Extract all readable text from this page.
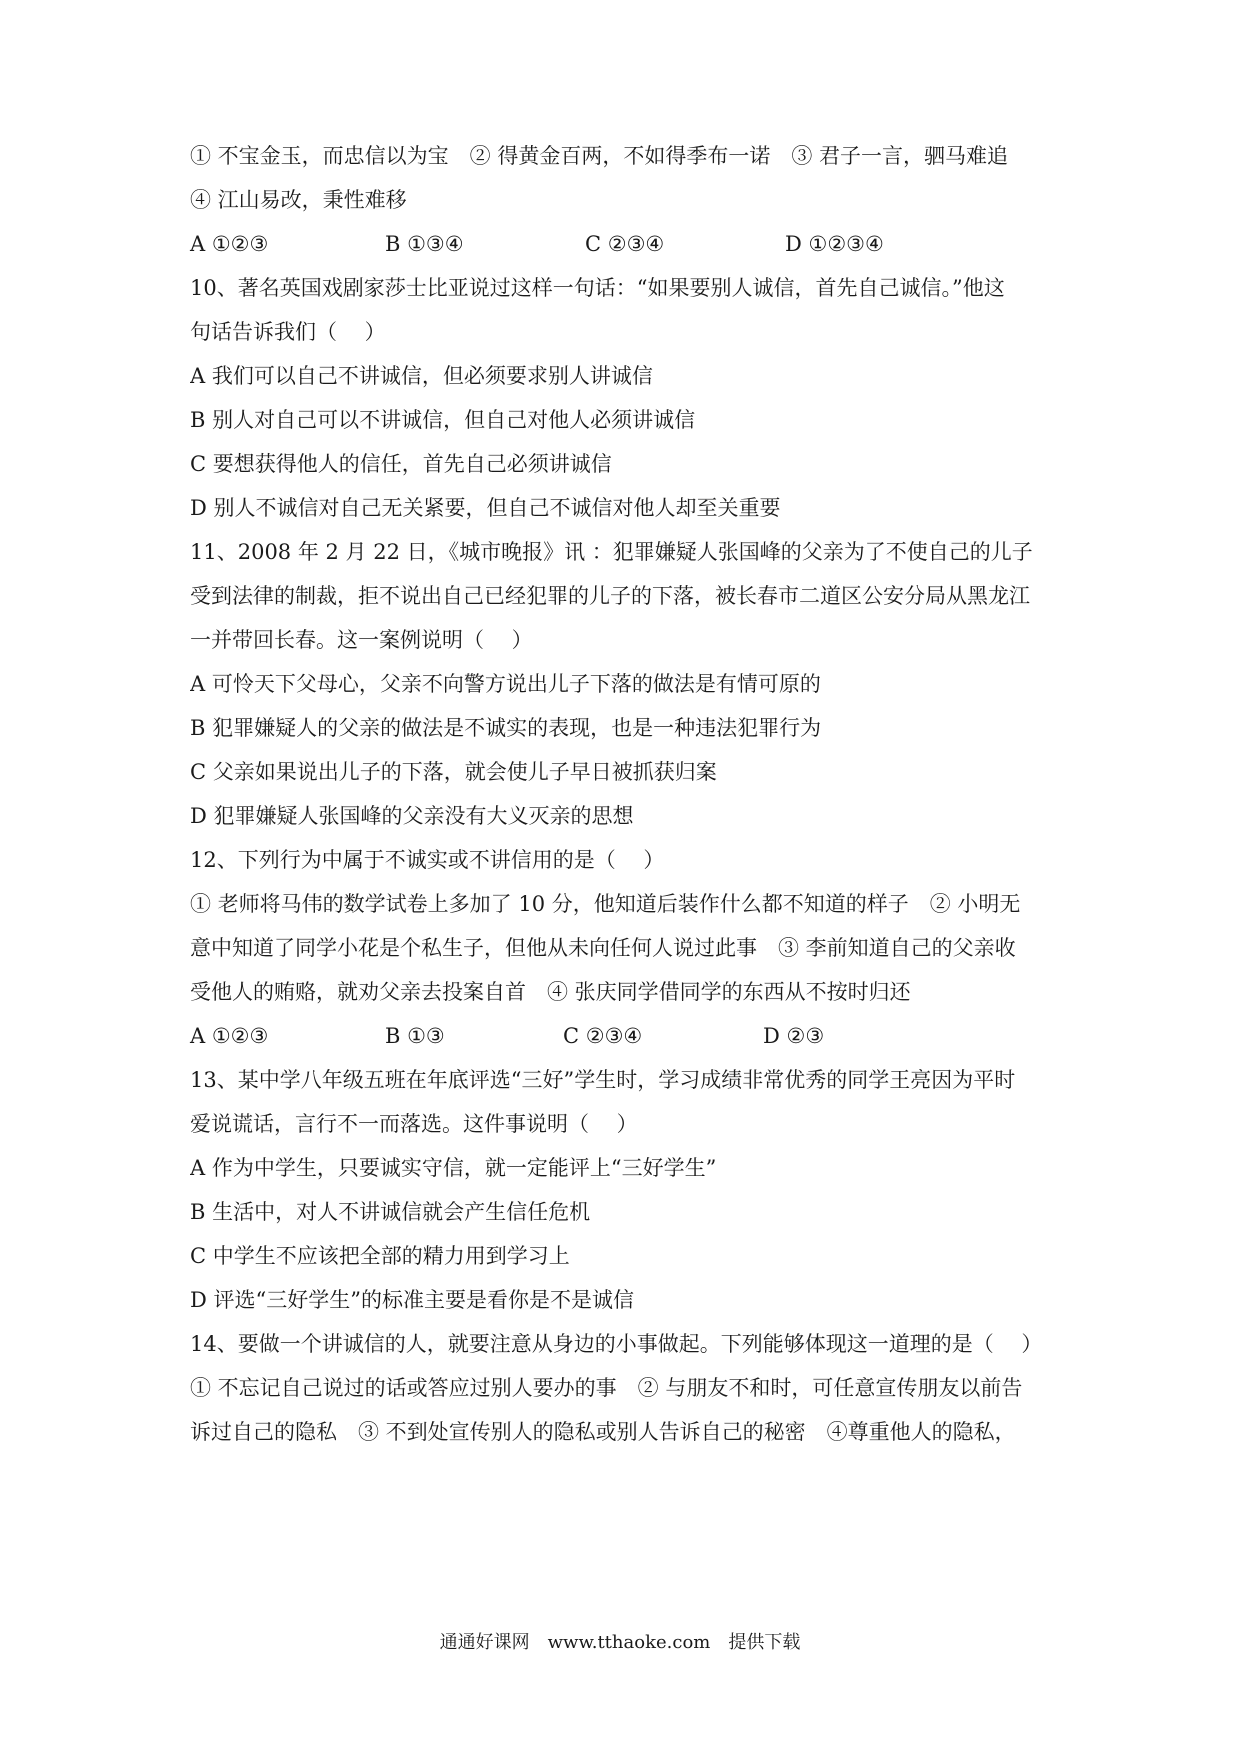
① 不宝金玉，而忠信以为宝　② 得黄金百两，不如得季布一诺　③ 君子一言，驷马难追
④ 江山易改，秉性难移
A ①②③	B ①③④	C ②③④	D ①②③④
10、著名英国戏剧家莎士比亚说过这样一句话：“如果要别人诚信，首先自己诚信。”他这
句话告诉我们（　 ）
A 我们可以自己不讲诚信，但必须要求别人讲诚信
B 别人对自己可以不讲诚信，但自己对他人必须讲诚信
C 要想获得他人的信任，首先自己必须讲诚信
D 别人不诚信对自己无关紧要，但自己不诚信对他人却至关重要
11、2008 年 2 月 22 日，《城市晚报》讯 ：犯罪嫌疑人张国峰的父亲为了不使自己的儿子
受到法律的制裁，拒不说出自己已经犯罪的儿子的下落，被长春市二道区公安分局从黑龙江
一并带回长春。这一案例说明（　 ）
A 可怜天下父母心，父亲不向警方说出儿子下落的做法是有情可原的
B 犯罪嫌疑人的父亲的做法是不诚实的表现，也是一种违法犯罪行为
C 父亲如果说出儿子的下落，就会使儿子早日被抓获归案
D 犯罪嫌疑人张国峰的父亲没有大义灭亲的思想
12、下列行为中属于不诚实或不讲信用的是（　 ）
① 老师将马伟的数学试卷上多加了 10 分，他知道后装作什么都不知道的样子　② 小明无
意中知道了同学小花是个私生子，但他从未向任何人说过此事　③ 李前知道自己的父亲收
受他人的贿赂，就劝父亲去投案自首　④ 张庆同学借同学的东西从不按时归还
A ①②③	B ①③	C ②③④	D ②③
13、某中学八年级五班在年底评选“三好”学生时，学习成绩非常优秀的同学王亮因为平时
爱说谎话，言行不一而落选。这件事说明（　 ）
A 作为中学生，只要诚实守信，就一定能评上“三好学生”
B 生活中，对人不讲诚信就会产生信任危机
C 中学生不应该把全部的精力用到学习上
D 评选“三好学生”的标准主要是看你是不是诚信
14、要做一个讲诚信的人，就要注意从身边的小事做起。下列能够体现这一道理的是（　 ）
① 不忘记自己说过的话或答应过别人要办的事　② 与朋友不和时，可任意宣传朋友以前告
诉过自己的隐私　③ 不到处宣传别人的隐私或别人告诉自己的秘密　④尊重他人的隐私，
通通好课网　www.tthaoke.com　提供下载
